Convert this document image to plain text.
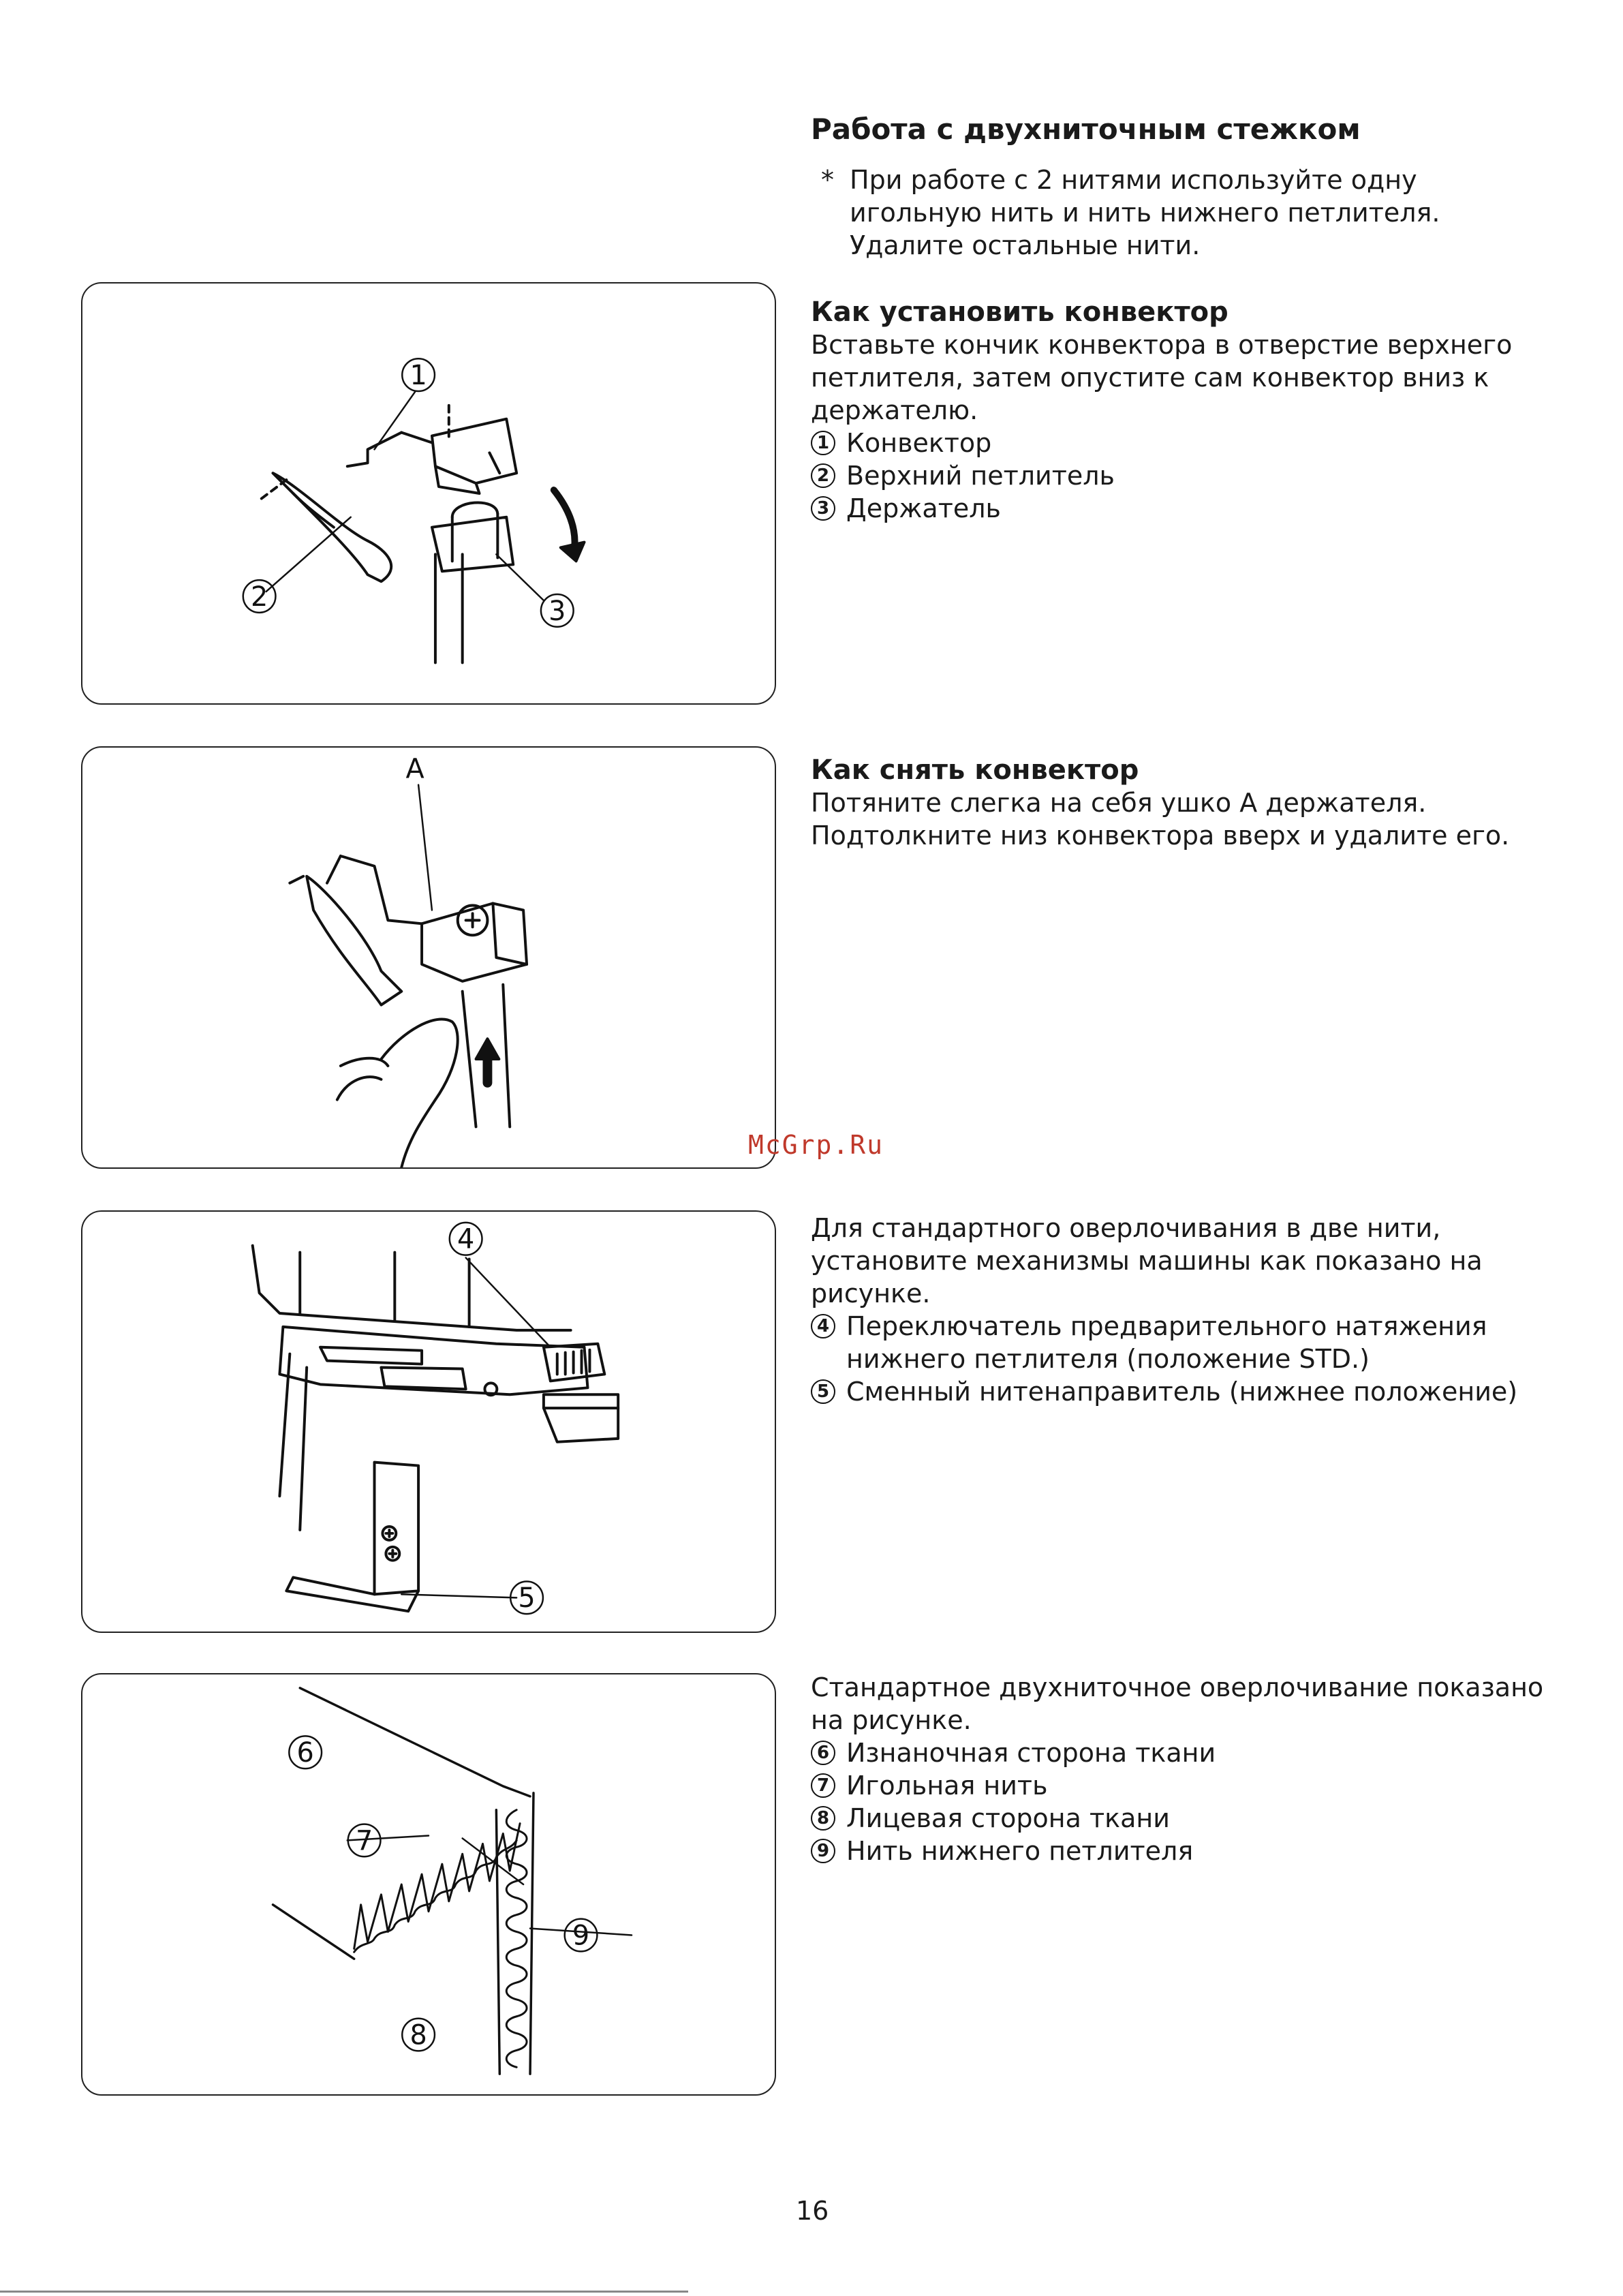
Работа с двухниточным стежком
* При работе с 2 нитями используйте одну игольную нить и нить нижнего петлителя. Удалите остальные нити.
1
2	3
Как установить конвектор
Вставьте кончик конвектора в отверстие верхнего петлителя, затем опустите сам конвектор вниз к держателю.
1 Конвектор
2 Верхний петлитель
3 Держатель
A	Как снять конвектор
Потяните слегка на себя ушко А держателя. Подтолкните низ конвектора вверх и удалите его.
McGrp.Ru
4
5
Для стандартного оверлочивания в две нити, установите механизмы машины как показано на рисунке.
4 Переключатель предварительного натяжения нижнего петлителя (положение STD.)
5 Сменный нитенаправитель (нижнее положение)
6
7
8
9
Стандартное двухниточное оверлочивание показано на рисунке.
6 Изнаночная сторона ткани
7 Игольная нить
8 Лицевая сторона ткани
9 Нить нижнего петлителя
16
